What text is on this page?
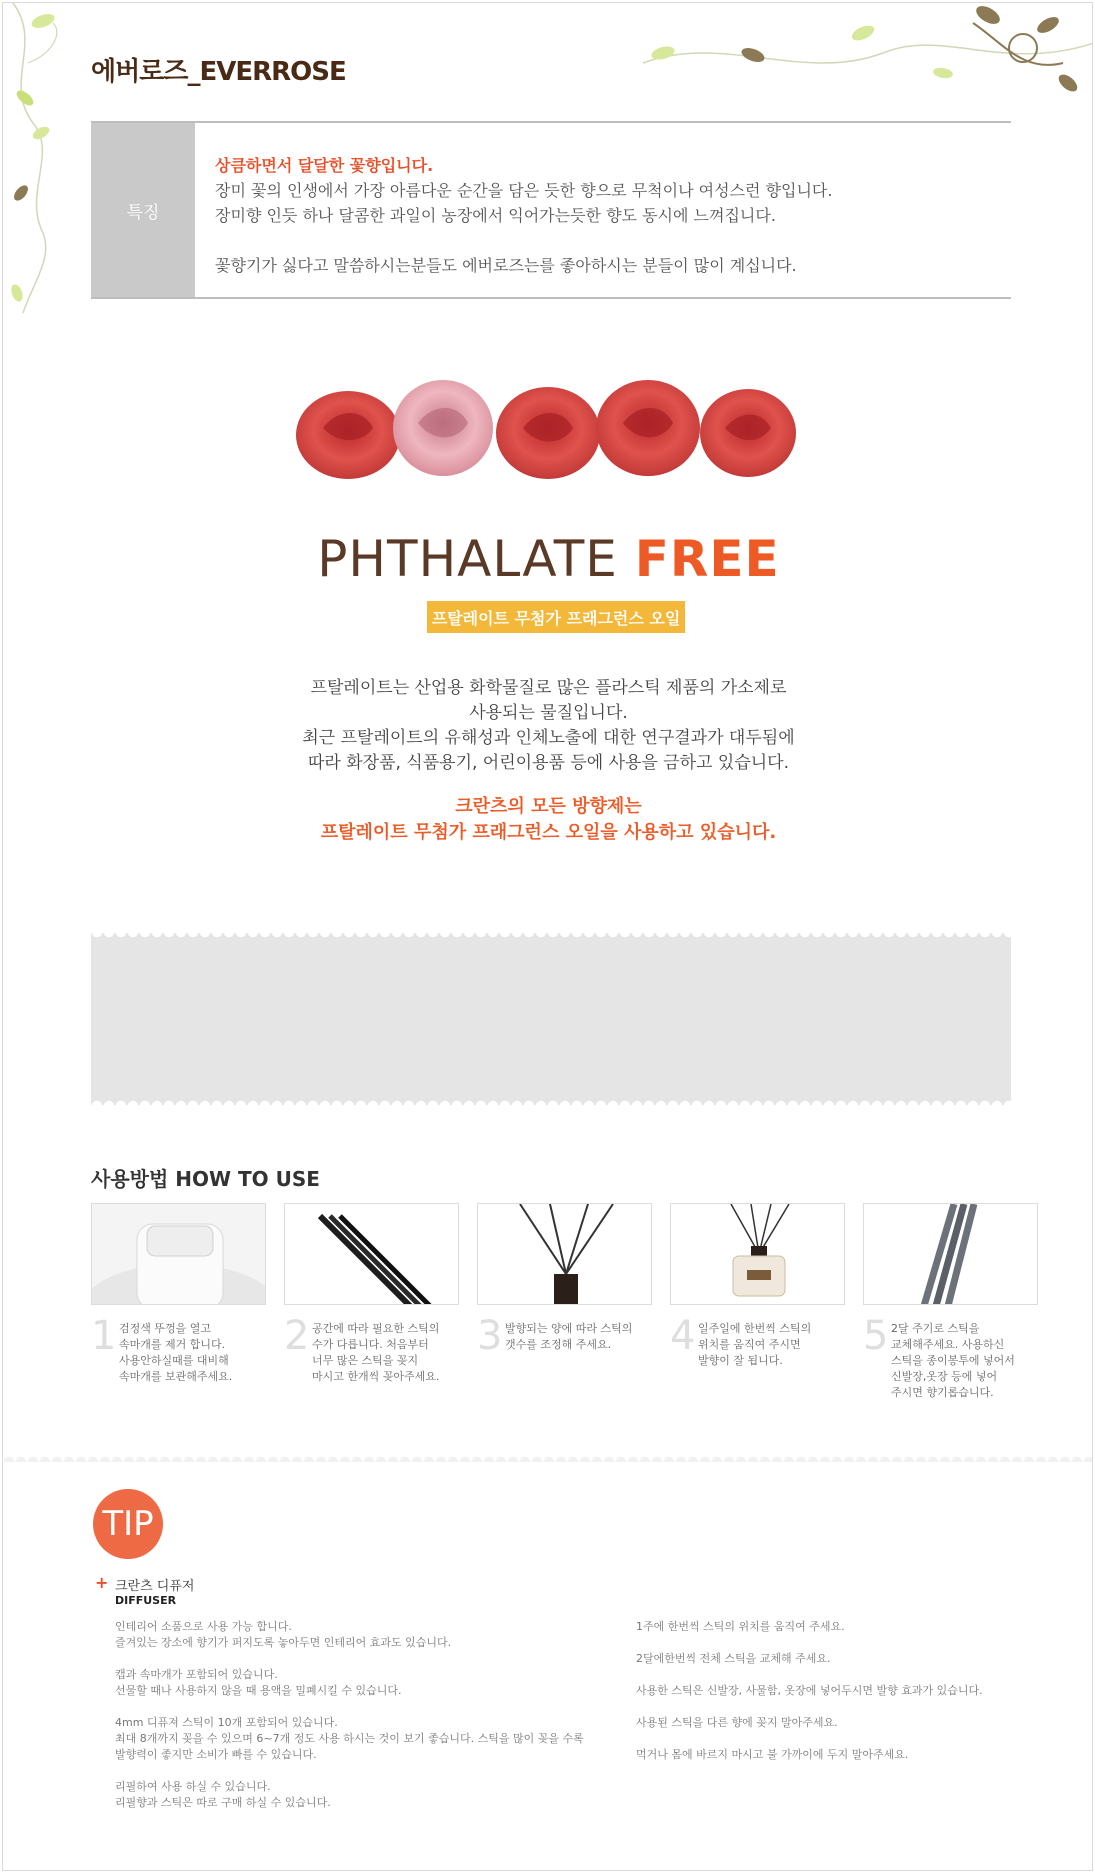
에버로즈_EVERROSE
특징
상큼하면서 달달한 꽃향입니다.
장미 꽃의 인생에서 가장 아름다운 순간을 담은 듯한 향으로 무척이나 여성스런 향입니다.
장미향 인듯 하나 달콤한 과일이 농장에서 익어가는듯한 향도 동시에 느껴집니다.
꽃향기가 싫다고 말씀하시는분들도 에버로즈는를 좋아하시는 분들이 많이 계십니다.
PHTHALATE FREE
프탈레이트 무첨가 프래그런스 오일
프탈레이트는 산업용 화학물질로 많은 플라스틱 제품의 가소제로
사용되는 물질입니다.
최근 프탈레이트의 유해성과 인체노출에 대한 연구결과가 대두됨에
따라 화장품, 식품용기, 어린이용품 등에 사용을 금하고 있습니다.
크란츠의 모든 방향제는
프탈레이트 무첨가 프래그런스 오일을 사용하고 있습니다.
사용방법 HOW TO USE
1 검정색 뚜껑을 열고
속마개를 제거 합니다.
사용안하실때를 대비해
속마개를 보관해주세요.
2 공간에 따라 필요한 스틱의
수가 다릅니다. 처음부터
너무 많은 스틱을 꽂지
마시고 한개씩 꽂아주세요.
3 발향되는 양에 따라 스틱의
갯수를 조정해 주세요.	4 일주일에 한번씩 스틱의
위치를 움직여 주시면
발향이 잘 됩니다.
5 2달 주기로 스틱을
교체해주세요. 사용하신
스틱을 종이봉투에 넣어서
신발장,옷장 등에 넣어
주시면 향기롭습니다.
TIP
+ 크란츠 디퓨저
DIFFUSER

인테리어 소품으로 사용 가능 합니다.
즐겨있는 장소에 향기가 퍼지도록 놓아두면 인테리어 효과도 있습니다.

캡과 속마개가 포함되어 있습니다.
선물할 때나 사용하지 않을 때 용액을 밀폐시킬 수 있습니다.

4mm 디퓨져 스틱이 10개 포함되어 있습니다.
최대 8개까지 꽂을 수 있으며 6~7개 정도 사용 하시는 것이 보기 좋습니다. 스틱을 많이 꽂을 수록
발향력이 좋지만 소비가 빠를 수 있습니다.

리필하여 사용 하실 수 있습니다.
리필향과 스틱은 따로 구매 하실 수 있습니다.

1주에 한번씩 스틱의 위치를 움직여 주세요.

2달에한번씩 전체 스틱을 교체해 주세요.

사용한 스틱은 신발장, 사물함, 옷장에 넣어두시면 발향 효과가 있습니다.

사용된 스틱을 다른 향에 꽂지 말아주세요.

먹거나 몸에 바르지 마시고 불 가까이에 두지 말아주세요.
